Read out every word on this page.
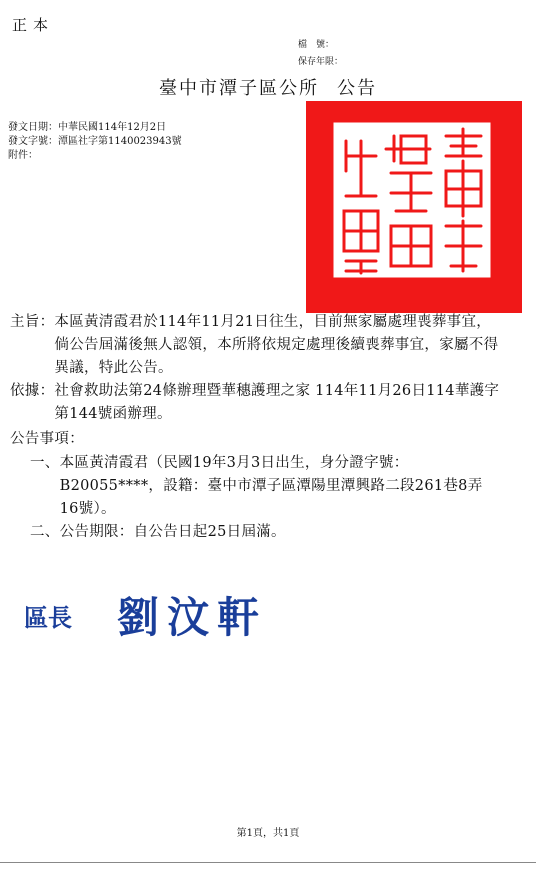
正本
檔　號：
保存年限：
臺中市潭子區公所 公告
發文日期：中華民國114年12月2日
發文字號：潭區社字第1140023943號
附件：
主旨： 本區黃清霞君於114年11月21日往生，目前無家屬處理喪葬事宜，倘公告屆滿後無人認領，本所將依規定處理後續喪葬事宜，家屬不得異議，特此公告。
依據： 社會救助法第24條辦理暨華穗護理之家 114年11月26日114華護字第144號函辦理。
公告事項：
一、 本區黃清霞君（民國19年3月3日出生，身分證字號：B20055****，設籍：臺中市潭子區潭陽里潭興路二段261巷8弄16號）。
二、 公告期限：自公告日起25日屆滿。
區長 劉汶軒
第1頁，共1頁
